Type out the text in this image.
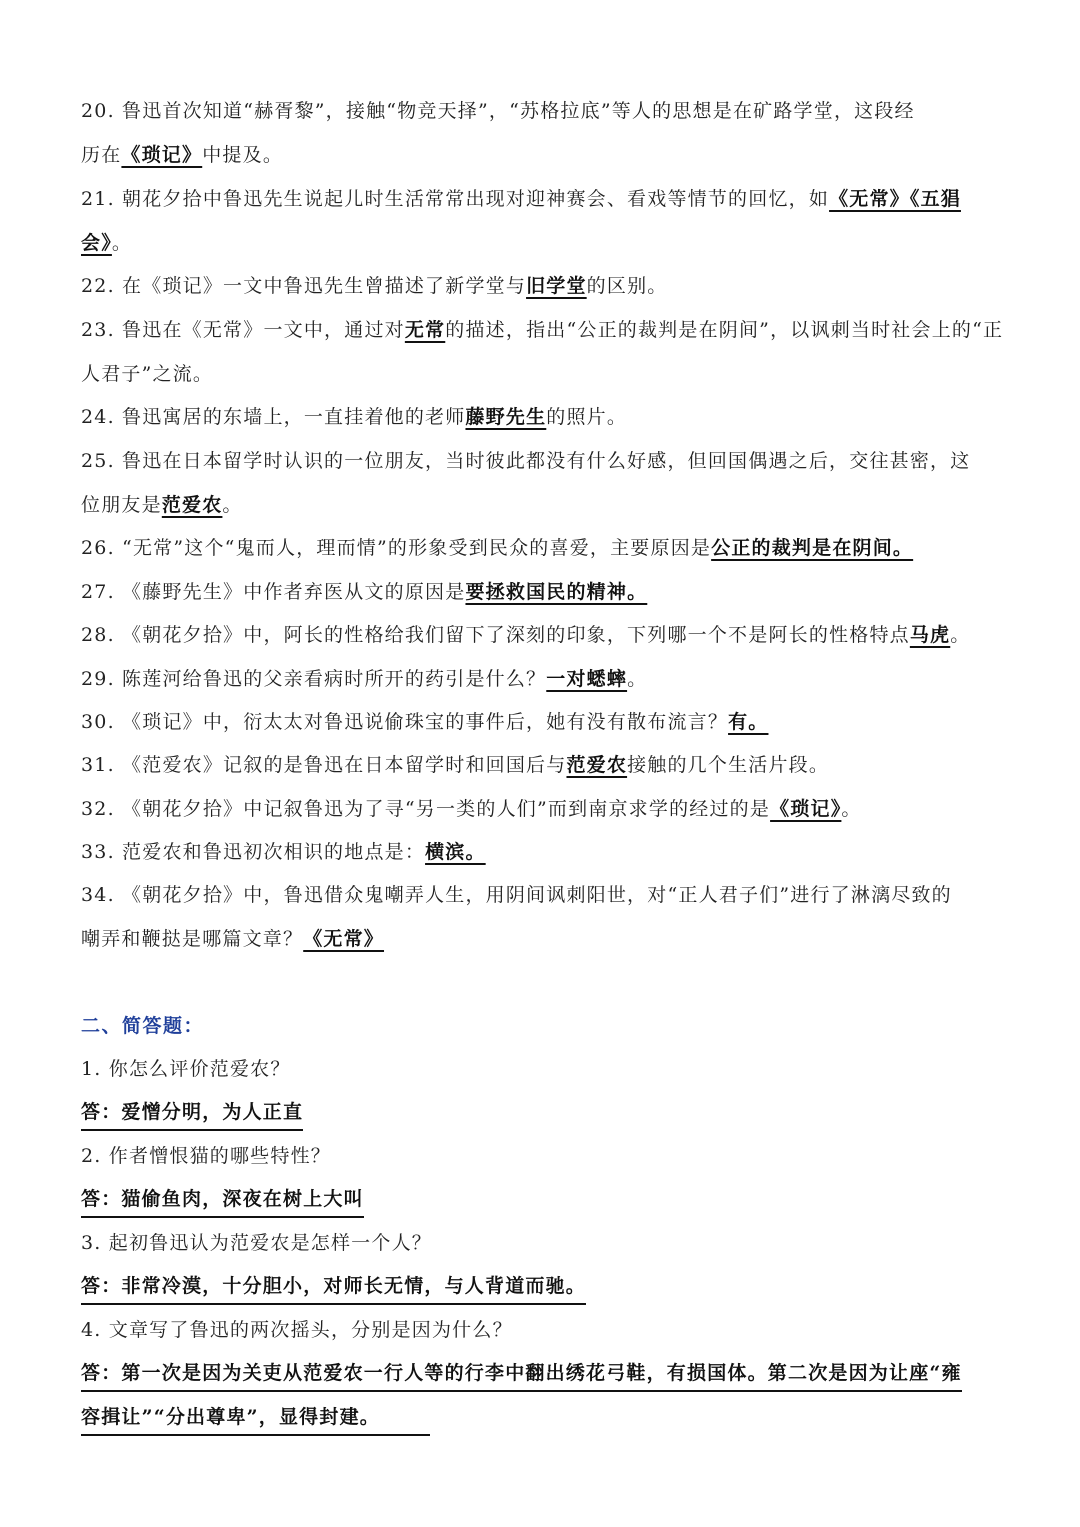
20. 鲁迅首次知道“赫胥黎”，接触“物竞天择”，“苏格拉底”等人的思想是在矿路学堂，这段经
历在《琐记》中提及。
21. 朝花夕拾中鲁迅先生说起儿时生活常常出现对迎神赛会、看戏等情节的回忆，如《无常》《五猖
会》。
22. 在《琐记》一文中鲁迅先生曾描述了新学堂与旧学堂的区别。
23. 鲁迅在《无常》一文中，通过对无常的描述，指出“公正的裁判是在阴间”，以讽刺当时社会上的“正
人君子”之流。
24. 鲁迅寓居的东墙上，一直挂着他的老师藤野先生的照片。
25. 鲁迅在日本留学时认识的一位朋友，当时彼此都没有什么好感，但回国偶遇之后，交往甚密，这
位朋友是范爱农。
26. “无常”这个“鬼而人，理而情”的形象受到民众的喜爱，主要原因是公正的裁判是在阴间。
27. 《藤野先生》中作者弃医从文的原因是要拯救国民的精神。
28. 《朝花夕拾》中，阿长的性格给我们留下了深刻的印象，下列哪一个不是阿长的性格特点马虎。
29. 陈莲河给鲁迅的父亲看病时所开的药引是什么？一对蟋蟀。
30. 《琐记》中，衍太太对鲁迅说偷珠宝的事件后，她有没有散布流言？有。
31. 《范爱农》记叙的是鲁迅在日本留学时和回国后与范爱农接触的几个生活片段。
32. 《朝花夕拾》中记叙鲁迅为了寻“另一类的人们”而到南京求学的经过的是《琐记》。
33. 范爱农和鲁迅初次相识的地点是：横滨。
34. 《朝花夕拾》中，鲁迅借众鬼嘲弄人生，用阴间讽刺阳世，对“正人君子们”进行了淋漓尽致的
嘲弄和鞭挞是哪篇文章？《无常》
二、简答题：
1. 你怎么评价范爱农？
答：爱憎分明，为人正直
2. 作者憎恨猫的哪些特性？
答：猫偷鱼肉，深夜在树上大叫
3. 起初鲁迅认为范爱农是怎样一个人？
答：非常冷漠，十分胆小，对师长无情，与人背道而驰。
4. 文章写了鲁迅的两次摇头，分别是因为什么？
答：第一次是因为关吏从范爱农一行人等的行李中翻出绣花弓鞋，有损国体。第二次是因为让座“雍
容揖让”“分出尊卑”，显得封建。
